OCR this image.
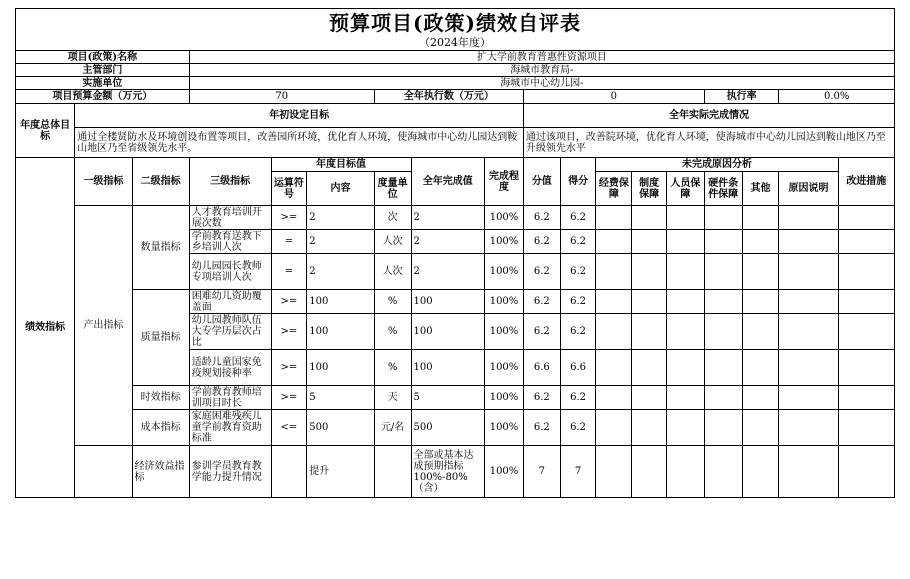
预算项目(政策)绩效自评表
（2024年度）
项目(政策)名称			扩大学前教育普惠性资源项目														
主管部门			海城市教育局-														
实施单位			海城市中心幼儿园-														
项目预算金额（万元）			70			全年执行数（万元）			0					执行率		0.0%	
年度总体目标	年初设定目标								全年实际完成情况								
	通过全楼贤防水及环境创设布置等项目，改善园所环境，优化育人环境，使海城市中心幼儿园达到鞍山地区乃至省级领先水平。								通过该项目，改善院环境，优化育人环境，使海城市中心幼儿园达到鞍山地区乃至升级领先水平								
绩效指标	一级指标	二级指标	三级指标	年度目标值			全年完成值	完成程度	分值	得分	未完成原因分析						改进措施
				运算符号	内容	度量单位					经费保障	制度保障	人员保障	硬件条件保障	其他	原因说明	
	产出指标	数量指标	人才教育培训开展次数	>=	2	次	2	100%	6.2	6.2							
			学前教育送教下乡培训人次	=	2	人次	2	100%	6.2	6.2							
			幼儿园园长教师专项培训人次	=	2	人次	2	100%	6.2	6.2							
		质量指标	困难幼儿资助覆盖面	>=	100	%	100	100%	6.2	6.2							
			幼儿园教师队伍大专学历层次占比	>=	100	%	100	100%	6.2	6.2							
			适龄儿童国家免疫规划接种率	>=	100	%	100	100%	6.6	6.6							
		时效指标	学前教育教师培训项目时长	>=	5	天	5	100%	6.2	6.2							
		成本指标	家庭困难残疾儿童学前教育资助标准	<=	500	元/名	500	100%	6.2	6.2							
		经济效益指标	参训学员教育教学能力提升情况		提升		全部或基本达成预期指标100%-80%（含）	100%	7	7							
